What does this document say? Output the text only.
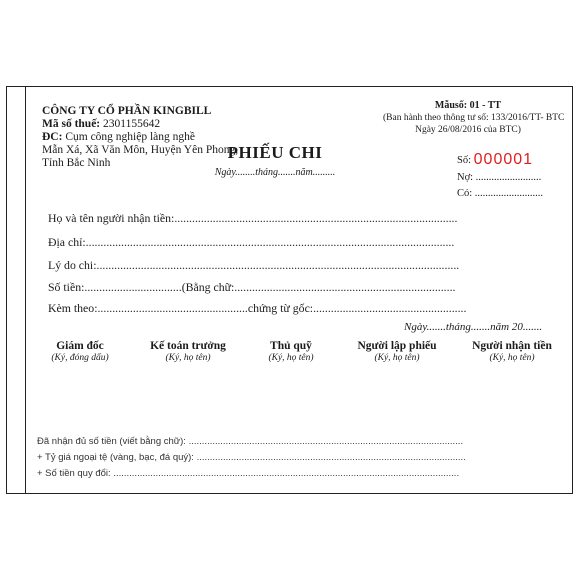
CÔNG TY CỔ PHẦN KINGBILL
Mã số thuế: 2301155642
ĐC: Cụm công nghiệp làng nghề
Mẫn Xá, Xã Văn Môn, Huyện Yên Phong,
Tỉnh Bắc Ninh
Mẫusố: 01 - TT
(Ban hành theo thông tư số: 133/2016/TT- BTC
Ngày 26/08/2016 của BTC)
PHIẾU CHI
Ngày........tháng.......năm.........
Số: 000001
Nợ: .........................
Có: ..........................
Họ và tên người nhận tiền:................................................................................................
Địa chỉ:.............................................................................................................................
Lý do chi:...........................................................................................................................
Số tiền:.................................(Bằng chữ:...........................................................................
Kèm theo:...................................................chứng từ gốc:....................................................
Ngày.......tháng.......năm 20.......
Giám đốc
(Ký, đóng dấu)
Kế toán trưởng
(Ký, họ tên)
Thủ quỹ
(Ký, họ tên)
Người lập phiếu
(Ký, họ tên)
Người nhận tiền
(Ký, họ tên)
Đã nhận đủ số tiền (viết bằng chữ): ........................................................................................................
+ Tỷ giá ngoại tệ (vàng, bạc, đá quý): ......................................................................................................
+ Số tiền quy đổi: ...................................................................................................................................
